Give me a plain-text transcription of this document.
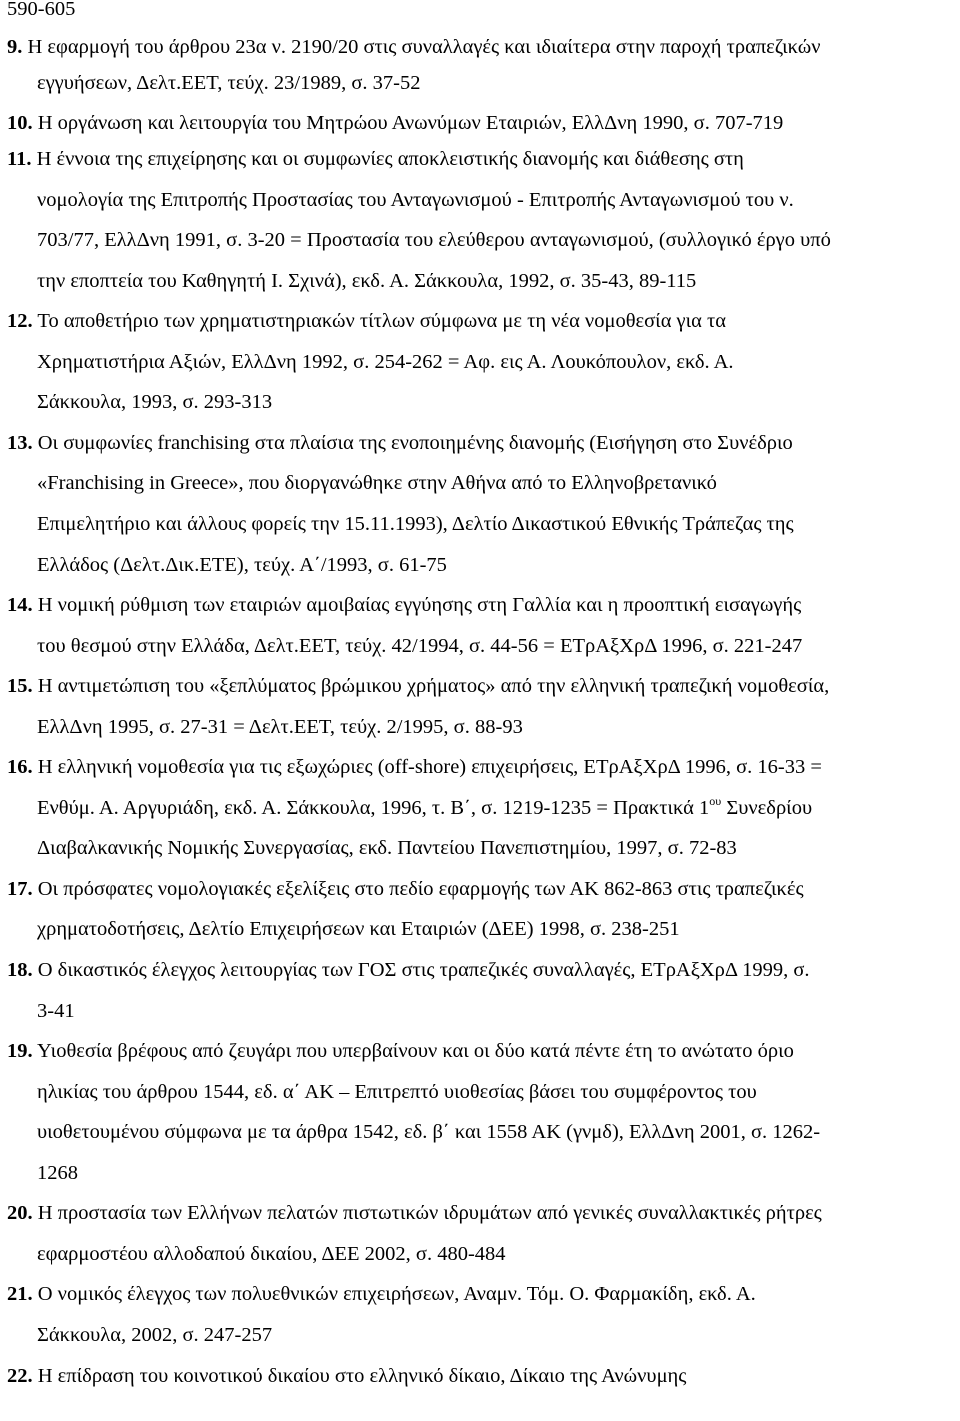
590-605
9. Η εφαρμογή του άρθρου 23α ν. 2190/20 στις συναλλαγές και ιδιαίτερα στην παροχή τραπεζικών
εγγυήσεων, Δελτ.ΕΕΤ, τεύχ. 23/1989, σ. 37-52
10. Η οργάνωση και λειτουργία του Μητρώου Ανωνύμων Εταιριών, ΕλλΔνη 1990, σ. 707-719
11. Η έννοια της επιχείρησης και οι συμφωνίες αποκλειστικής διανομής και διάθεσης στη
νομολογία της Επιτροπής Προστασίας του Ανταγωνισμού - Επιτροπής Ανταγωνισμού του ν.
703/77, ΕλλΔνη 1991, σ. 3-20 = Προστασία του ελεύθερου ανταγωνισμού, (συλλογικό έργο υπό
την εποπτεία του Καθηγητή Ι. Σχινά), εκδ. Α. Σάκκουλα, 1992, σ. 35-43, 89-115
12. Το αποθετήριο των χρηματιστηριακών τίτλων σύμφωνα με τη νέα νομοθεσία για τα
Χρηματιστήρια Αξιών, ΕλλΔνη 1992, σ. 254-262 = Αφ. εις Α. Λουκόπουλον, εκδ. Α.
Σάκκουλα, 1993, σ. 293-313
13. Οι συμφωνίες franchising στα πλαίσια της ενοποιημένης διανομής (Εισήγηση στο Συνέδριο
«Franchising in Greece», που διοργανώθηκε στην Αθήνα από το Ελληνοβρετανικό
Επιμελητήριο και άλλους φορείς την 15.11.1993), Δελτίο Δικαστικού Εθνικής Τράπεζας της
Ελλάδος (Δελτ.Δικ.ΕΤΕ), τεύχ. Α΄/1993, σ. 61-75
14. Η νομική ρύθμιση των εταιριών αμοιβαίας εγγύησης στη Γαλλία και η προοπτική εισαγωγής
του θεσμού στην Ελλάδα, Δελτ.ΕΕΤ, τεύχ. 42/1994, σ. 44-56 = ΕΤρΑξΧρΔ 1996, σ. 221-247
15. Η αντιμετώπιση του «ξεπλύματος βρώμικου χρήματος» από την ελληνική τραπεζική νομοθεσία,
ΕλλΔνη 1995, σ. 27-31 = Δελτ.ΕΕΤ, τεύχ. 2/1995, σ. 88-93
16. Η ελληνική νομοθεσία για τις εξωχώριες (off-shore) επιχειρήσεις, ΕΤρΑξΧρΔ 1996, σ. 16-33 =
Ενθύμ. Α. Αργυριάδη, εκδ. Α. Σάκκουλα, 1996, τ. Β΄, σ. 1219-1235 = Πρακτικά $1^{o\upsilon}$ Συνεδρίου
Διαβαλκανικής Νομικής Συνεργασίας, εκδ. Παντείου Πανεπιστημίου, 1997, σ. 72-83
17. Οι πρόσφατες νομολογιακές εξελίξεις στο πεδίο εφαρμογής των ΑΚ 862-863 στις τραπεζικές
χρηματοδοτήσεις, Δελτίο Επιχειρήσεων και Εταιριών (ΔΕΕ) 1998, σ. 238-251
18. Ο δικαστικός έλεγχος λειτουργίας των ΓΟΣ στις τραπεζικές συναλλαγές, ΕΤρΑξΧρΔ 1999, σ.
3-41
19. Υιοθεσία βρέφους από ζευγάρι που υπερβαίνουν και οι δύο κατά πέντε έτη το ανώτατο όριο
ηλικίας του άρθρου 1544, εδ. α΄ ΑΚ – Επιτρεπτό υιοθεσίας βάσει του συμφέροντος του
υιοθετουμένου σύμφωνα με τα άρθρα 1542, εδ. β΄ και 1558 ΑΚ (γνμδ), ΕλλΔνη 2001, σ. 1262-
1268
20. Η προστασία των Ελλήνων πελατών πιστωτικών ιδρυμάτων από γενικές συναλλακτικές ρήτρες
εφαρμοστέου αλλοδαπού δικαίου, ΔΕΕ 2002, σ. 480-484
21. Ο νομικός έλεγχος των πολυεθνικών επιχειρήσεων, Αναμν. Τόμ. Ο. Φαρμακίδη, εκδ. Α.
Σάκκουλα, 2002, σ. 247-257
22. Η επίδραση του κοινοτικού δικαίου στο ελληνικό δίκαιο, Δίκαιο της Ανώνυμης
